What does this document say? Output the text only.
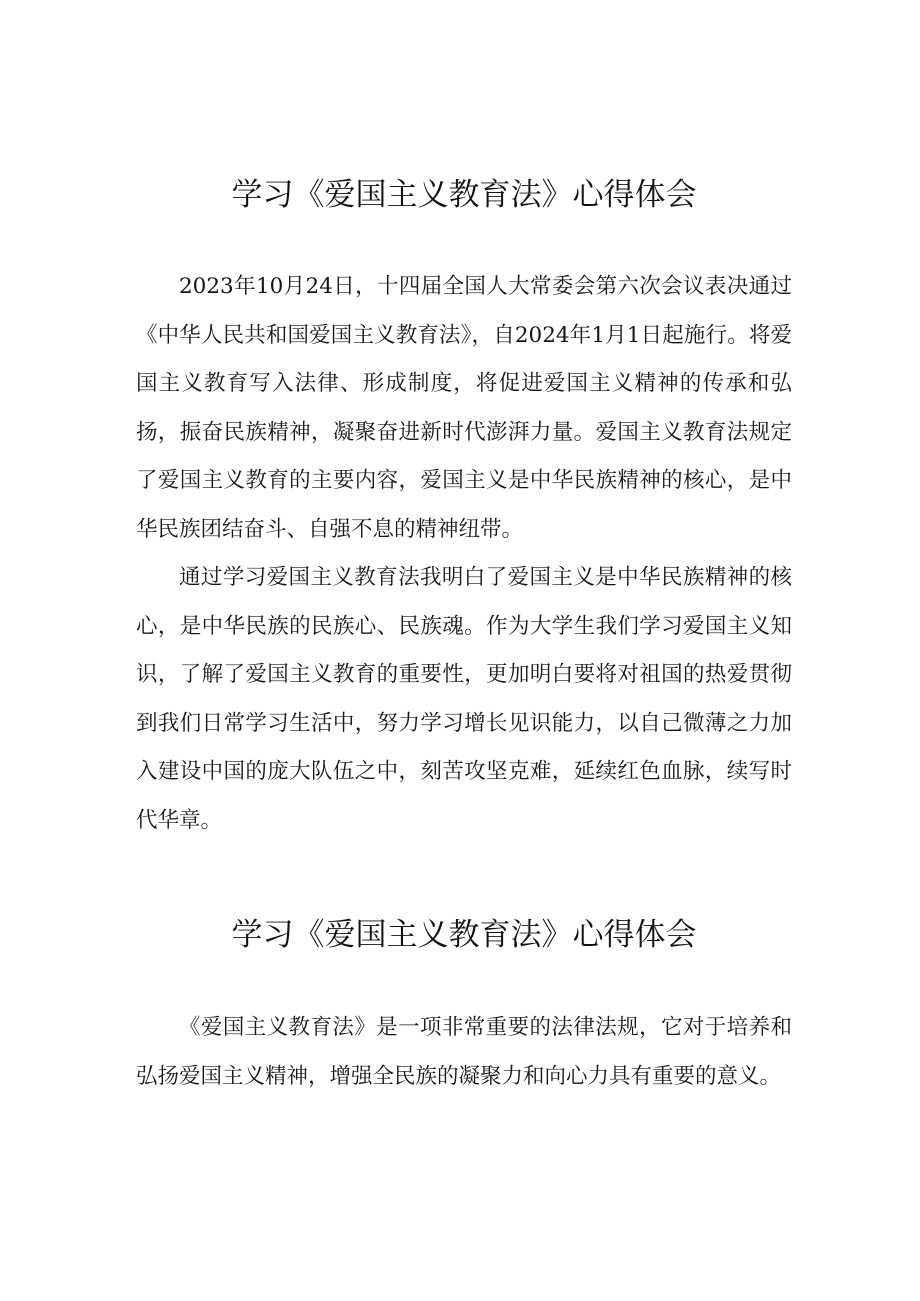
学习《爱国主义教育法》心得体会

2023年10月24日，十四届全国人大常委会第六次会议表决通过《中华人民共和国爱国主义教育法》，自2024年1月1日起施行。将爱国主义教育写入法律、形成制度，将促进爱国主义精神的传承和弘扬，振奋民族精神，凝聚奋进新时代澎湃力量。爱国主义教育法规定了爱国主义教育的主要内容，爱国主义是中华民族精神的核心，是中华民族团结奋斗、自强不息的精神纽带。

通过学习爱国主义教育法我明白了爱国主义是中华民族精神的核心，是中华民族的民族心、民族魂。作为大学生我们学习爱国主义知识，了解了爱国主义教育的重要性，更加明白要将对祖国的热爱贯彻到我们日常学习生活中，努力学习增长见识能力，以自己微薄之力加入建设中国的庞大队伍之中，刻苦攻坚克难，延续红色血脉，续写时代华章。

学习《爱国主义教育法》心得体会

《爱国主义教育法》是一项非常重要的法律法规，它对于培养和弘扬爱国主义精神，增强全民族的凝聚力和向心力具有重要的意义。
